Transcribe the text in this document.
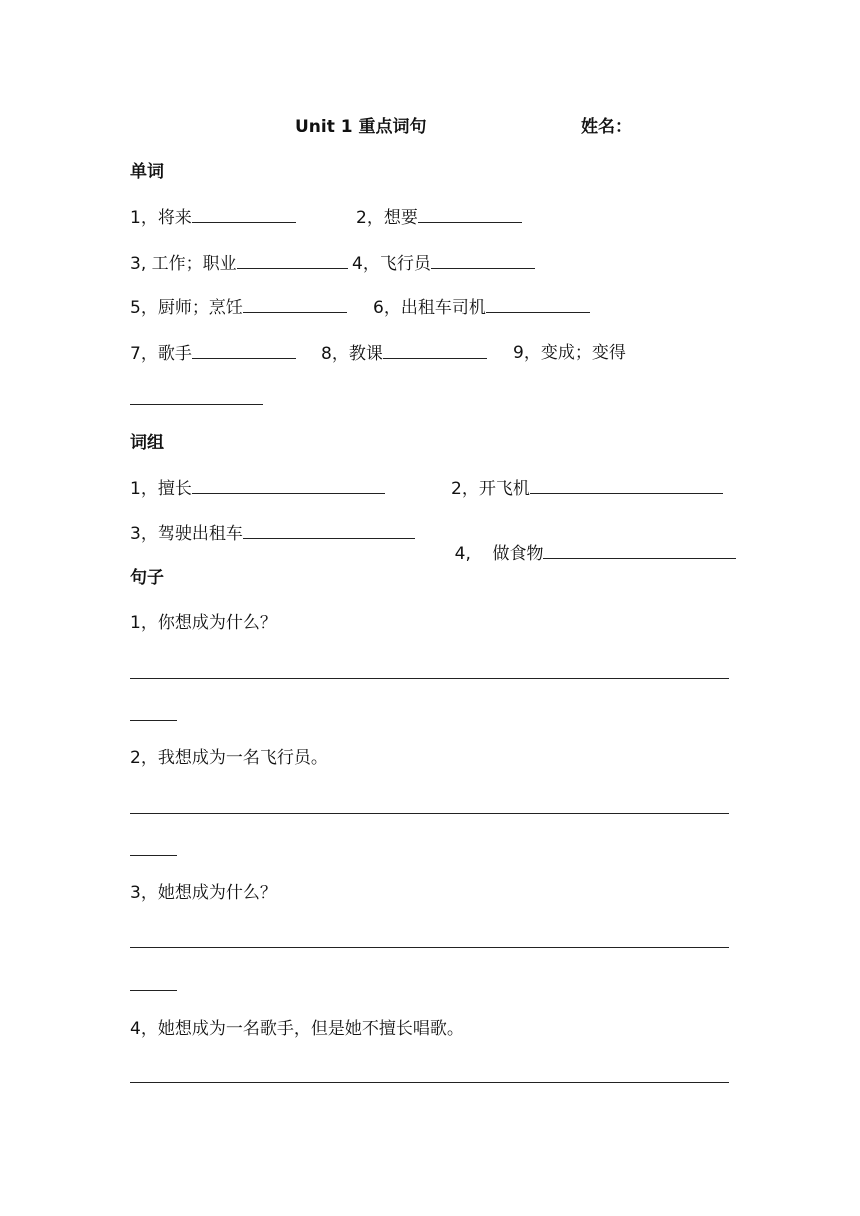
Unit 1 重点词句	姓名：
单词
1，将来	2，想要
3, 工作；职业	4，飞行员
5，厨师；烹饪	6，出租车司机
7，歌手	8，教课	9，变成；变得
词组
1，擅长	2，开飞机
3，驾驶出租车

4,    做食物

句子
1，你想成为什么？
2，我想成为一名飞行员。
3，她想成为什么？
4，她想成为一名歌手，但是她不擅长唱歌。
